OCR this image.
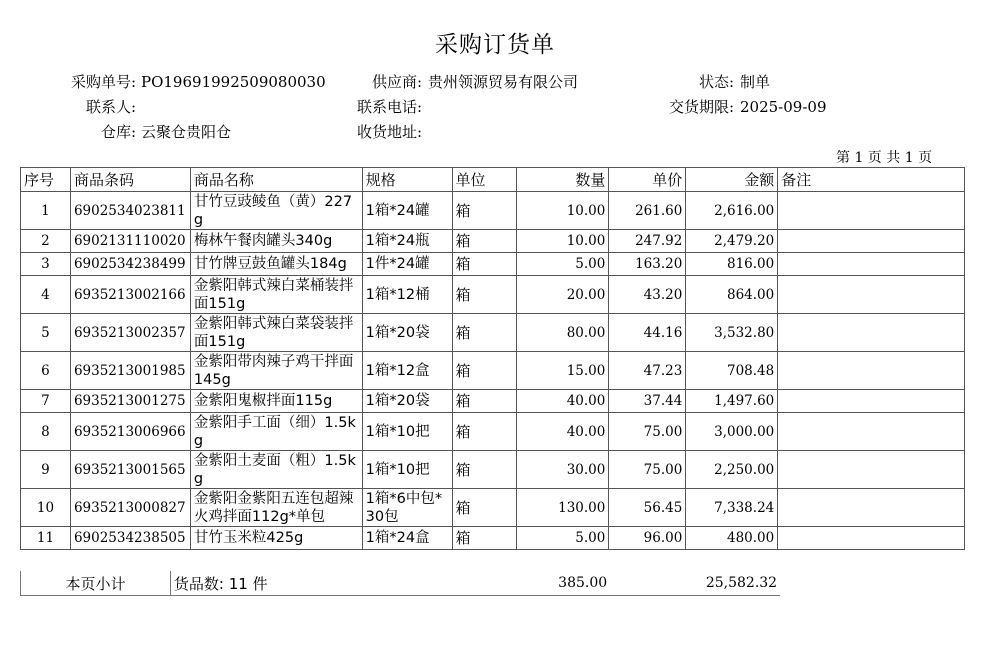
采购订货单
采购单号: PO19691992509080030	供应商: 贵州领源贸易有限公司	状态: 制单
联系人:	联系电话:	交货期限: 2025-09-09
仓库: 云聚仓贵阳仓	收货地址:
第 1 页 共 1 页
序号	商品条码	商品名称	规格	单位	数量	单价	金额	备注
1	6902534023811	甘竹豆豉鲮鱼（黄）227g	1箱*24罐	箱	10.00	261.60	2,616.00	
2	6902131110020	梅林午餐肉罐头340g	1箱*24瓶	箱	10.00	247.92	2,479.20	
3	6902534238499	甘竹牌豆鼓鱼罐头184g	1件*24罐	箱	5.00	163.20	816.00	
4	6935213002166	金紫阳韩式辣白菜桶装拌面151g	1箱*12桶	箱	20.00	43.20	864.00	
5	6935213002357	金紫阳韩式辣白菜袋装拌面151g	1箱*20袋	箱	80.00	44.16	3,532.80	
6	6935213001985	金紫阳带肉辣子鸡干拌面145g	1箱*12盒	箱	15.00	47.23	708.48	
7	6935213001275	金紫阳鬼椒拌面115g	1箱*20袋	箱	40.00	37.44	1,497.60	
8	6935213006966	金紫阳手工面（细）1.5kg	1箱*10把	箱	40.00	75.00	3,000.00	
9	6935213001565	金紫阳土麦面（粗）1.5kg	1箱*10把	箱	30.00	75.00	2,250.00	
10	6935213000827	金紫阳金紫阳五连包超辣火鸡拌面112g*单包	1箱*6中包*30包	箱	130.00	56.45	7,338.24	
11	6902534238505	甘竹玉米粒425g	1箱*24盒	箱	5.00	96.00	480.00	
本页小计	货品数: 11 件	385.00	25,582.32	
